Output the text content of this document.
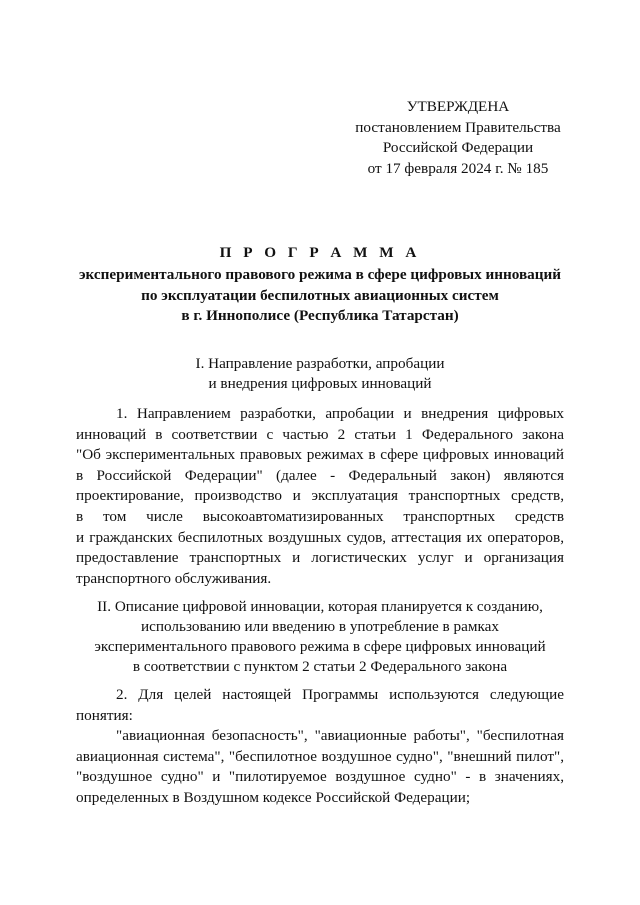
УТВЕРЖДЕНА
постановлением Правительства
Российской Федерации
от 17 февраля 2024 г. № 185
П Р О Г Р А М М А
экспериментального правового режима в сфере цифровых инноваций
по эксплуатации беспилотных авиационных систем
в г. Иннополисе (Республика Татарстан)
I. Направление разработки, апробации
и внедрения цифровых инноваций
1. Направлением разработки, апробации и внедрения цифровых
инноваций в соответствии с частью 2 статьи 1 Федерального закона
"Об экспериментальных правовых режимах в сфере цифровых инноваций
в Российской Федерации" (далее - Федеральный закон) являются
проектирование, производство и эксплуатация транспортных средств,
в том числе высокоавтоматизированных транспортных средств
и гражданских беспилотных воздушных судов, аттестация их операторов,
предоставление транспортных и логистических услуг и организация
транспортного обслуживания.
II. Описание цифровой инновации, которая планируется к созданию,
использованию или введению в употребление в рамках
экспериментального правового режима в сфере цифровых инноваций
в соответствии с пунктом 2 статьи 2 Федерального закона
2. Для целей настоящей Программы используются следующие
понятия:
"авиационная безопасность", "авиационные работы", "беспилотная
авиационная система", "беспилотное воздушное судно", "внешний пилот",
"воздушное судно" и "пилотируемое воздушное судно" - в значениях,
определенных в Воздушном кодексе Российской Федерации;
